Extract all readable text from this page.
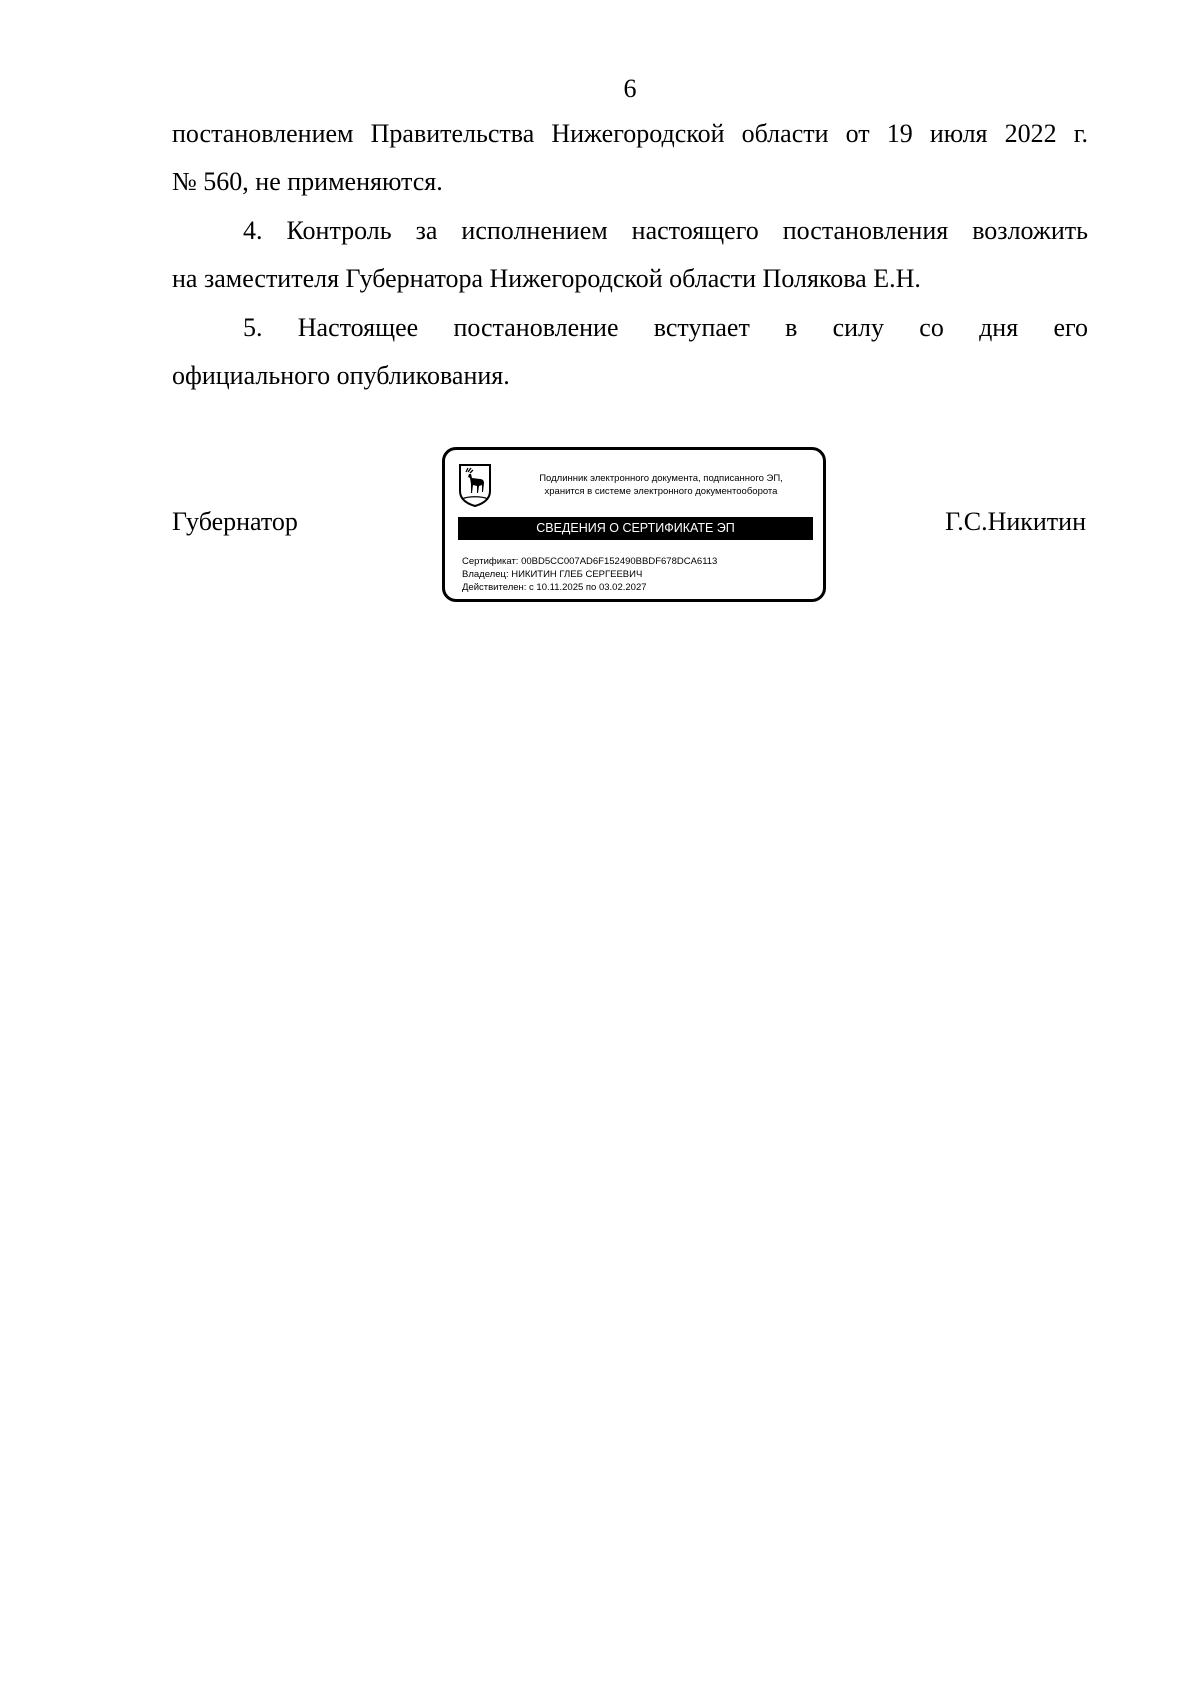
6
постановлением Правительства Нижегородской области от 19 июля 2022 г.
№ 560, не применяются.
4. Контроль за исполнением настоящего постановления возложить
на заместителя Губернатора Нижегородской области Полякова Е.Н.
5. Настоящее постановление вступает в силу со дня его
официального опубликования.
Губернатор	Г.С.Никитин
Подлинник электронного документа, подписанного ЭП,
хранится в системе электронного документооборота
СВЕДЕНИЯ О СЕРТИФИКАТЕ ЭП
Сертификат: 00BD5CC007AD6F152490BBDF678DCA6113
Владелец: НИКИТИН ГЛЕБ СЕРГЕЕВИЧ
Действителен: с 10.11.2025 по 03.02.2027
